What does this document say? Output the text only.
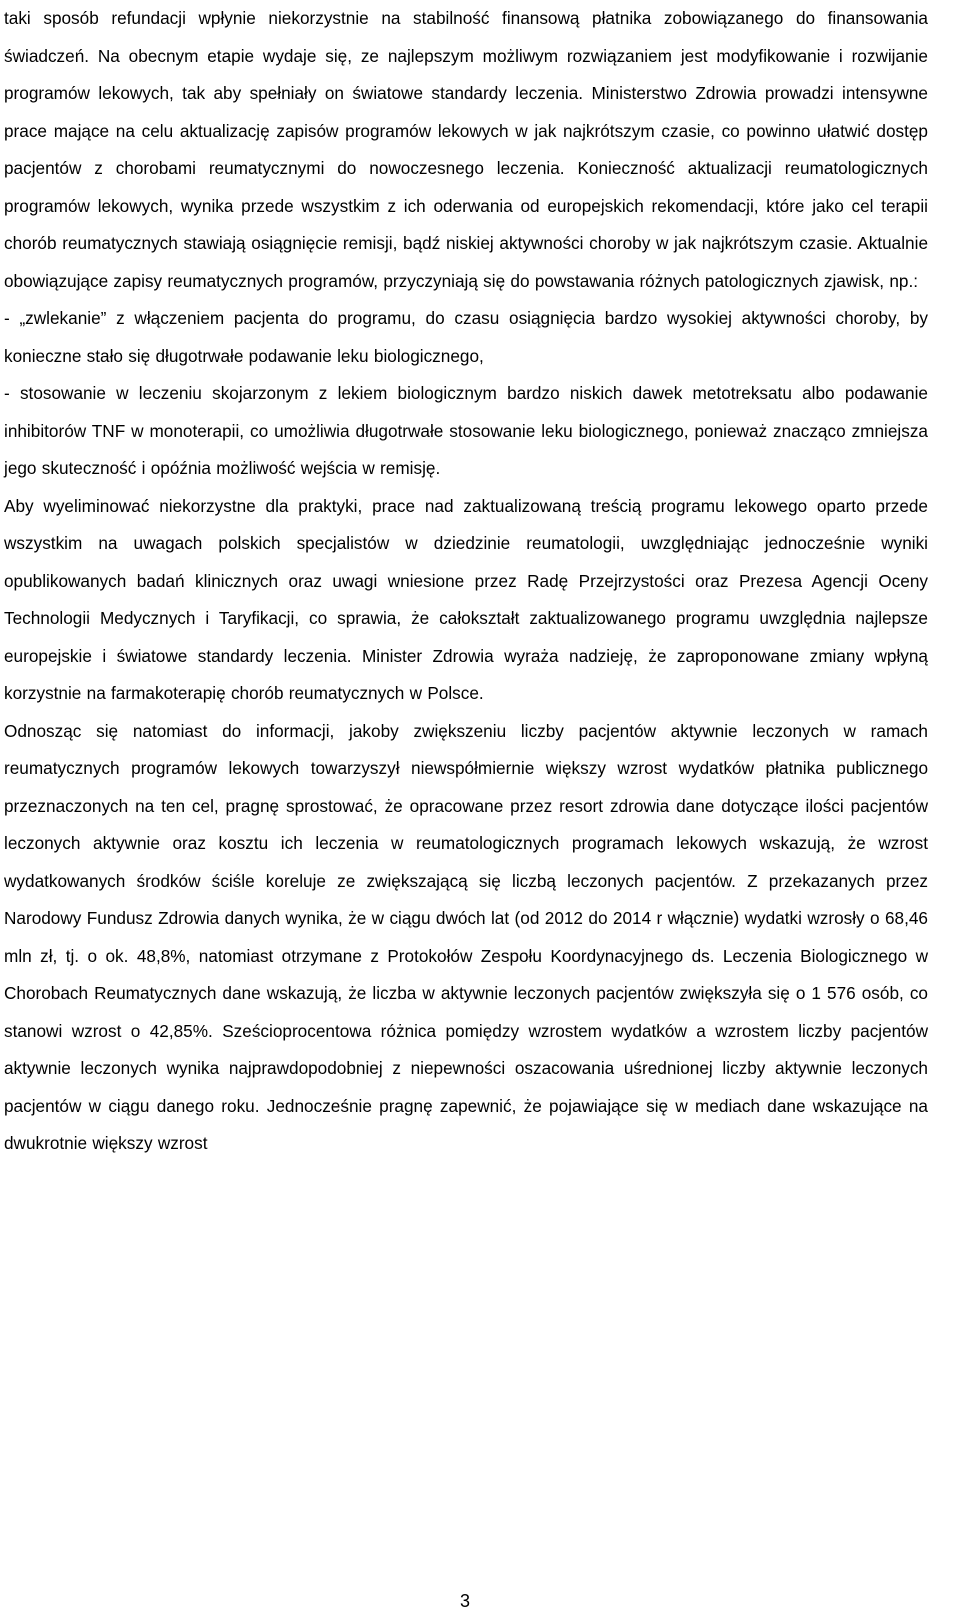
taki sposób refundacji wpłynie niekorzystnie na stabilność finansową płatnika zobowiązanego do finansowania świadczeń. Na obecnym etapie wydaje się, ze najlepszym możliwym rozwiązaniem jest modyfikowanie i rozwijanie programów lekowych, tak aby spełniały on światowe standardy leczenia. Ministerstwo Zdrowia prowadzi intensywne prace mające na celu aktualizację zapisów programów lekowych w jak najkrótszym czasie, co powinno ułatwić dostęp pacjentów z chorobami reumatycznymi do nowoczesnego leczenia. Konieczność aktualizacji reumatologicznych programów lekowych, wynika przede wszystkim z ich oderwania od europejskich rekomendacji, które jako cel terapii chorób reumatycznych stawiają osiągnięcie remisji, bądź niskiej aktywności choroby w jak najkrótszym czasie. Aktualnie obowiązujące zapisy reumatycznych programów, przyczyniają się do powstawania różnych patologicznych zjawisk, np.:

- „zwlekanie” z włączeniem pacjenta do programu, do czasu osiągnięcia bardzo wysokiej aktywności choroby, by konieczne stało się długotrwałe podawanie leku biologicznego,

- stosowanie w leczeniu skojarzonym z lekiem biologicznym bardzo niskich dawek metotreksatu albo podawanie inhibitorów TNF w monoterapii, co umożliwia długotrwałe stosowanie leku biologicznego, ponieważ znacząco zmniejsza jego skuteczność i opóźnia możliwość wejścia w remisję.

Aby wyeliminować niekorzystne dla praktyki, prace nad zaktualizowaną treścią programu lekowego oparto przede wszystkim na uwagach polskich specjalistów w dziedzinie reumatologii, uwzględniając jednocześnie wyniki opublikowanych badań klinicznych oraz uwagi wniesione przez Radę Przejrzystości oraz Prezesa Agencji Oceny Technologii Medycznych i Taryfikacji, co sprawia, że całokształt zaktualizowanego programu uwzględnia najlepsze europejskie i światowe standardy leczenia. Minister Zdrowia wyraża nadzieję, że zaproponowane zmiany wpłyną korzystnie na farmakoterapię chorób reumatycznych w Polsce.

Odnosząc się natomiast do informacji, jakoby zwiększeniu liczby pacjentów aktywnie leczonych w ramach reumatycznych programów lekowych towarzyszył niewspółmiernie większy wzrost wydatków płatnika publicznego przeznaczonych na ten cel, pragnę sprostować, że opracowane przez resort zdrowia dane dotyczące ilości pacjentów leczonych aktywnie oraz kosztu ich leczenia w reumatologicznych programach lekowych wskazują, że wzrost wydatkowanych środków ściśle koreluje ze zwiększającą się liczbą leczonych pacjentów. Z przekazanych przez Narodowy Fundusz Zdrowia danych wynika, że w ciągu dwóch lat (od 2012 do 2014 r włącznie) wydatki wzrosły o 68,46 mln zł, tj. o ok. 48,8%, natomiast otrzymane z Protokołów Zespołu Koordynacyjnego ds. Leczenia Biologicznego w Chorobach Reumatycznych dane wskazują, że liczba w aktywnie leczonych pacjentów zwiększyła się o 1 576 osób, co stanowi wzrost o 42,85%. Sześcioprocentowa różnica pomiędzy wzrostem wydatków a wzrostem liczby pacjentów aktywnie leczonych wynika najprawdopodobniej z niepewności oszacowania uśrednionej liczby aktywnie leczonych pacjentów w ciągu danego roku. Jednocześnie pragnę zapewnić, że pojawiające się w mediach dane wskazujące na dwukrotnie większy wzrost

3
